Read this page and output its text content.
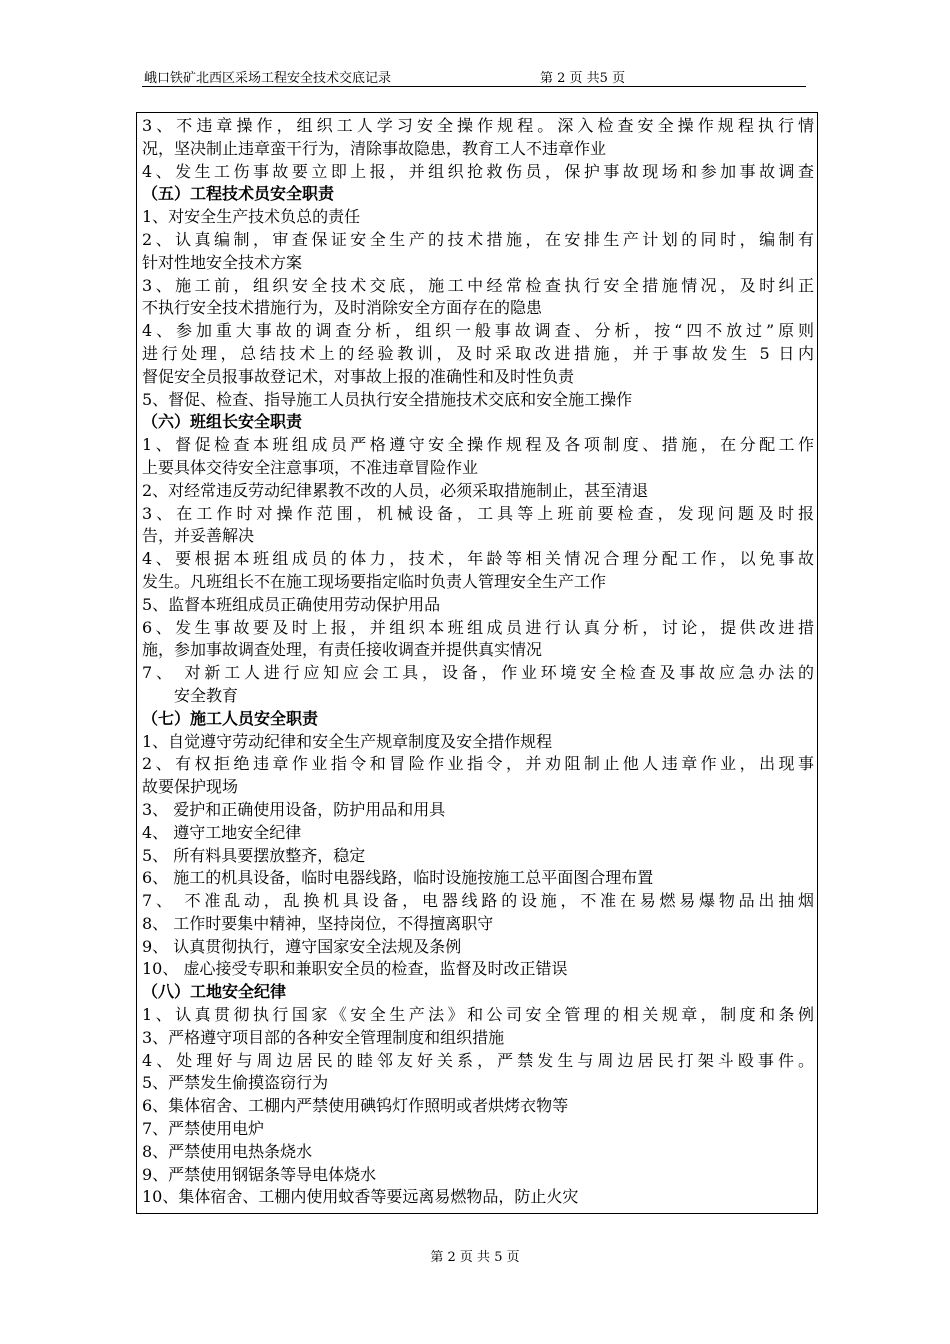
峨口铁矿北西区采场工程安全技术交底记录	第 2 页 共5 页
3、不违章操作，组织工人学习安全操作规程。深入检查安全操作规程执行情
况，坚决制止违章蛮干行为，清除事故隐患，教育工人不违章作业
4、发生工伤事故要立即上报，并组织抢救伤员，保护事故现场和参加事故调查
（五）工程技术员安全职责
1、对安全生产技术负总的责任
2、认真编制，审查保证安全生产的技术措施，在安排生产计划的同时，编制有
针对性地安全技术方案
3、施工前，组织安全技术交底，施工中经常检查执行安全措施情况，及时纠正
不执行安全技术措施行为，及时消除安全方面存在的隐患
4、参加重大事故的调查分析，组织一般事故调查、分析，按“四不放过”原则
进行处理，总结技术上的经验教训，及时采取改进措施，并于事故发生 5 日内
督促安全员报事故登记术，对事故上报的准确性和及时性负责
5、督促、检查、指导施工人员执行安全措施技术交底和安全施工操作
（六）班组长安全职责
1、督促检查本班组成员严格遵守安全操作规程及各项制度、措施，在分配工作
上要具体交待安全注意事项，不准违章冒险作业
2、对经常违反劳动纪律累教不改的人员，必须采取措施制止，甚至清退
3、在工作时对操作范围，机械设备，工具等上班前要检查，发现问题及时报
告，并妥善解决
4、要根据本班组成员的体力，技术，年龄等相关情况合理分配工作，以免事故
发生。凡班组长不在施工现场要指定临时负责人管理安全生产工作
5、监督本班组成员正确使用劳动保护用品
6、发生事故要及时上报，并组织本班组成员进行认真分析，讨论，提供改进措
施，参加事故调查处理，有责任接收调查并提供真实情况
7、 对新工人进行应知应会工具，设备，作业环境安全检查及事故应急办法的
安全教育
（七）施工人员安全职责
1、自觉遵守劳动纪律和安全生产规章制度及安全措作规程
2、有权拒绝违章作业指令和冒险作业指令，并劝阻制止他人违章作业，出现事
故要保护现场
3、 爱护和正确使用设备，防护用品和用具
4、 遵守工地安全纪律
5、 所有料具要摆放整齐，稳定
6、 施工的机具设备，临时电器线路，临时设施按施工总平面图合理布置
7、 不准乱动，乱换机具设备，电器线路的设施，不准在易燃易爆物品出抽烟
8、 工作时要集中精神，坚持岗位，不得擅离职守
9、 认真贯彻执行，遵守国家安全法规及条例
10、 虚心接受专职和兼职安全员的检查，监督及时改正错误
（八）工地安全纪律
1、认真贯彻执行国家《安全生产法》和公司安全管理的相关规章，制度和条例
3、严格遵守项目部的各种安全管理制度和组织措施
4、处理好与周边居民的睦邻友好关系，严禁发生与周边居民打架斗殴事件。
5、严禁发生偷摸盗窃行为
6、集体宿舍、工棚内严禁使用碘钨灯作照明或者烘烤衣物等
7、严禁使用电炉
8、严禁使用电热条烧水
9、严禁使用钢锯条等导电体烧水
10、集体宿舍、工棚内使用蚊香等要远离易燃物品，防止火灾
第 2 页 共 5 页
